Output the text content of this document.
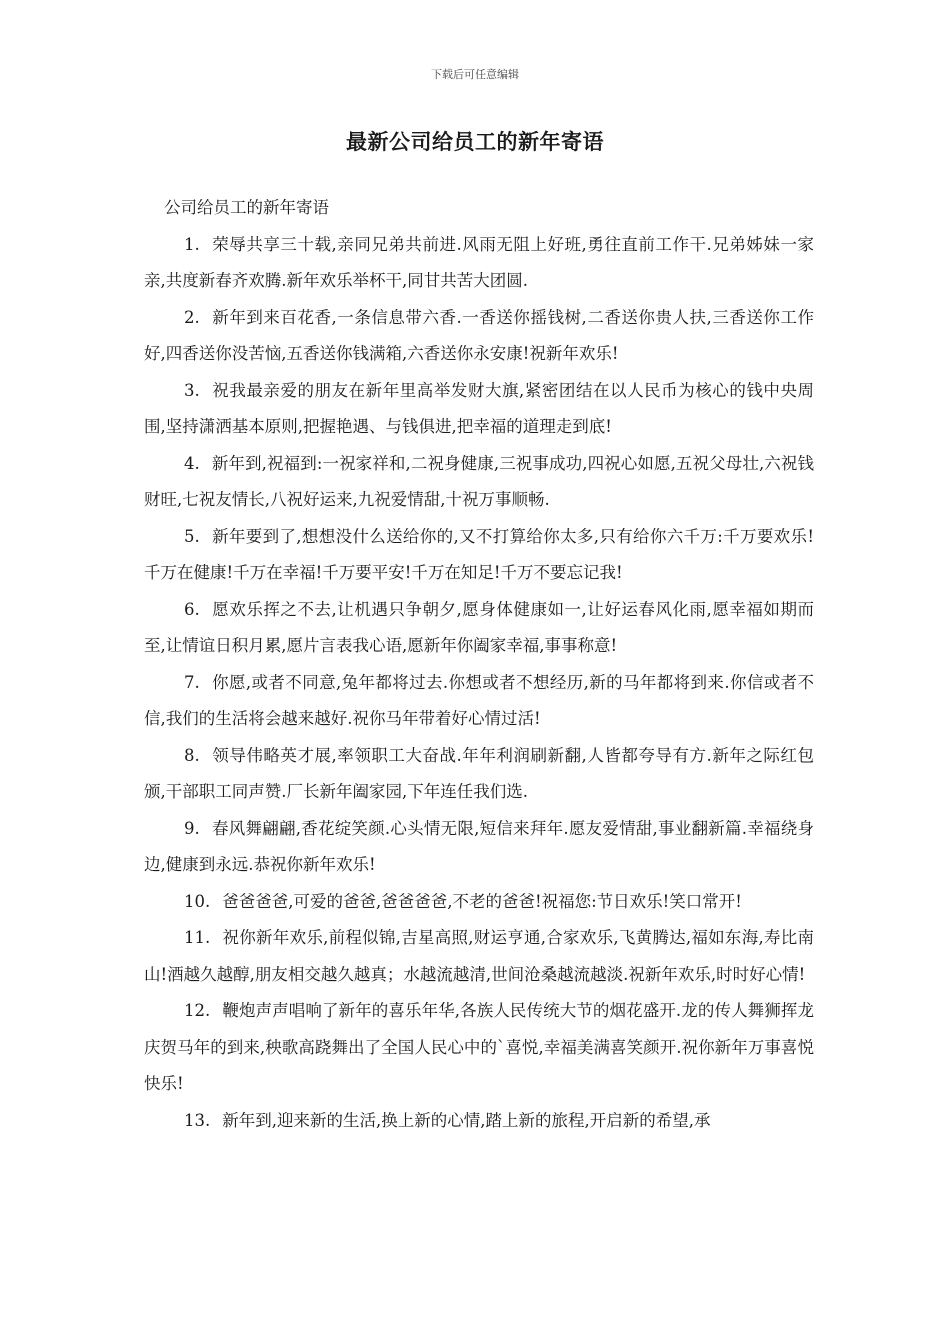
下载后可任意编辑
最新公司给员工的新年寄语
公司给员工的新年寄语
1. 荣辱共享三十载,亲同兄弟共前进.风雨无阻上好班,勇往直前工作干.兄弟姊妹一家亲,共度新春齐欢腾.新年欢乐举杯干,同甘共苦大团圆.
2. 新年到来百花香,一条信息带六香.一香送你摇钱树,二香送你贵人扶,三香送你工作好,四香送你没苦恼,五香送你钱满箱,六香送你永安康!祝新年欢乐!
3. 祝我最亲爱的朋友在新年里高举发财大旗,紧密团结在以人民币为核心的钱中央周围,坚持潇洒基本原则,把握艳遇、与钱俱进,把幸福的道理走到底!
4. 新年到,祝福到:一祝家祥和,二祝身健康,三祝事成功,四祝心如愿,五祝父母壮,六祝钱财旺,七祝友情长,八祝好运来,九祝爱情甜,十祝万事顺畅.
5. 新年要到了,想想没什么送给你的,又不打算给你太多,只有给你六千万:千万要欢乐!千万在健康!千万在幸福!千万要平安!千万在知足!千万不要忘记我!
6. 愿欢乐挥之不去,让机遇只争朝夕,愿身体健康如一,让好运春风化雨,愿幸福如期而至,让情谊日积月累,愿片言表我心语,愿新年你阖家幸福,事事称意!
7. 你愿,或者不同意,兔年都将过去.你想或者不想经历,新的马年都将到来.你信或者不信,我们的生活将会越来越好.祝你马年带着好心情过活!
8. 领导伟略英才展,率领职工大奋战.年年利润刷新翻,人皆都夸导有方.新年之际红包颁,干部职工同声赞.厂长新年阖家园,下年连任我们选.
9. 春风舞翩翩,香花绽笑颜.心头情无限,短信来拜年.愿友爱情甜,事业翻新篇.幸福绕身边,健康到永远.恭祝你新年欢乐!
10. 爸爸爸爸,可爱的爸爸,爸爸爸爸,不老的爸爸!祝福您:节日欢乐!笑口常开!
11. 祝你新年欢乐,前程似锦,吉星高照,财运亨通,合家欢乐,飞黄腾达,福如东海,寿比南山!酒越久越醇,朋友相交越久越真；水越流越清,世间沧桑越流越淡.祝新年欢乐,时时好心情!
12. 鞭炮声声唱响了新年的喜乐年华,各族人民传统大节的烟花盛开.龙的传人舞狮挥龙庆贺马年的到来,秧歌高跷舞出了全国人民心中的`喜悦,幸福美满喜笑颜开.祝你新年万事喜悦快乐!
13. 新年到,迎来新的生活,换上新的心情,踏上新的旅程,开启新的希望,承
